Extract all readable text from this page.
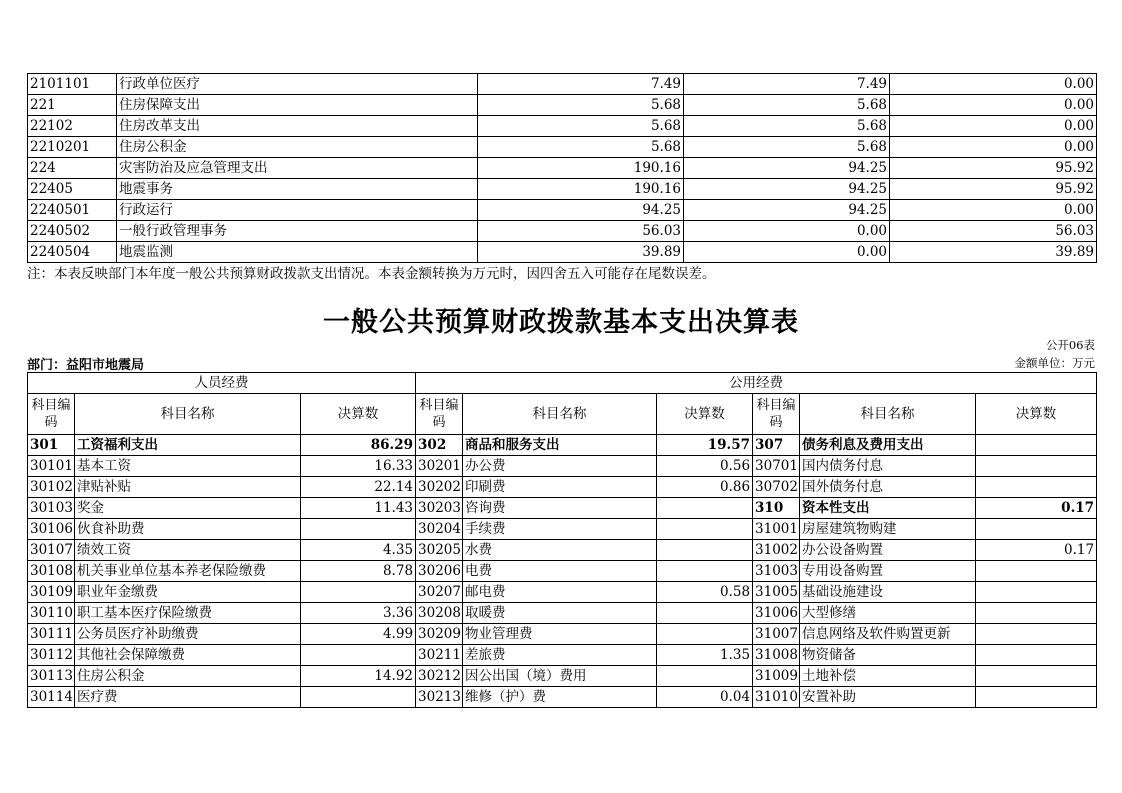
2101101	行政单位医疗	7.49	7.49	0.00
221	住房保障支出	5.68	5.68	0.00
22102	住房改革支出	5.68	5.68	0.00
2210201	住房公积金	5.68	5.68	0.00
224	灾害防治及应急管理支出	190.16	94.25	95.92
22405	地震事务	190.16	94.25	95.92
2240501	行政运行	94.25	94.25	0.00
2240502	一般行政管理事务	56.03	0.00	56.03
2240504	地震监测	39.89	0.00	39.89
注：本表反映部门本年度一般公共预算财政拨款支出情况。本表金额转换为万元时，因四舍五入可能存在尾数误差。
一般公共预算财政拨款基本支出决算表
公开06表
部门：益阳市地震局	金额单位：万元
人员经费			公用经费					
科目编码	科目名称	决算数	科目编码	科目名称	决算数	科目编码	科目名称	决算数
301	工资福利支出	86.29	302	商品和服务支出	19.57	307	债务利息及费用支出	
30101	基本工资	16.33	30201	办公费	0.56	30701	国内债务付息	
30102	津贴补贴	22.14	30202	印刷费	0.86	30702	国外债务付息	
30103	奖金	11.43	30203	咨询费		310	资本性支出	0.17
30106	伙食补助费		30204	手续费		31001	房屋建筑物购建	
30107	绩效工资	4.35	30205	水费		31002	办公设备购置	0.17
30108	机关事业单位基本养老保险缴费	8.78	30206	电费		31003	专用设备购置	
30109	职业年金缴费		30207	邮电费	0.58	31005	基础设施建设	
30110	职工基本医疗保险缴费	3.36	30208	取暖费		31006	大型修缮	
30111	公务员医疗补助缴费	4.99	30209	物业管理费		31007	信息网络及软件购置更新	
30112	其他社会保障缴费		30211	差旅费	1.35	31008	物资储备	
30113	住房公积金	14.92	30212	因公出国（境）费用		31009	土地补偿	
30114	医疗费		30213	维修（护）费	0.04	31010	安置补助	
